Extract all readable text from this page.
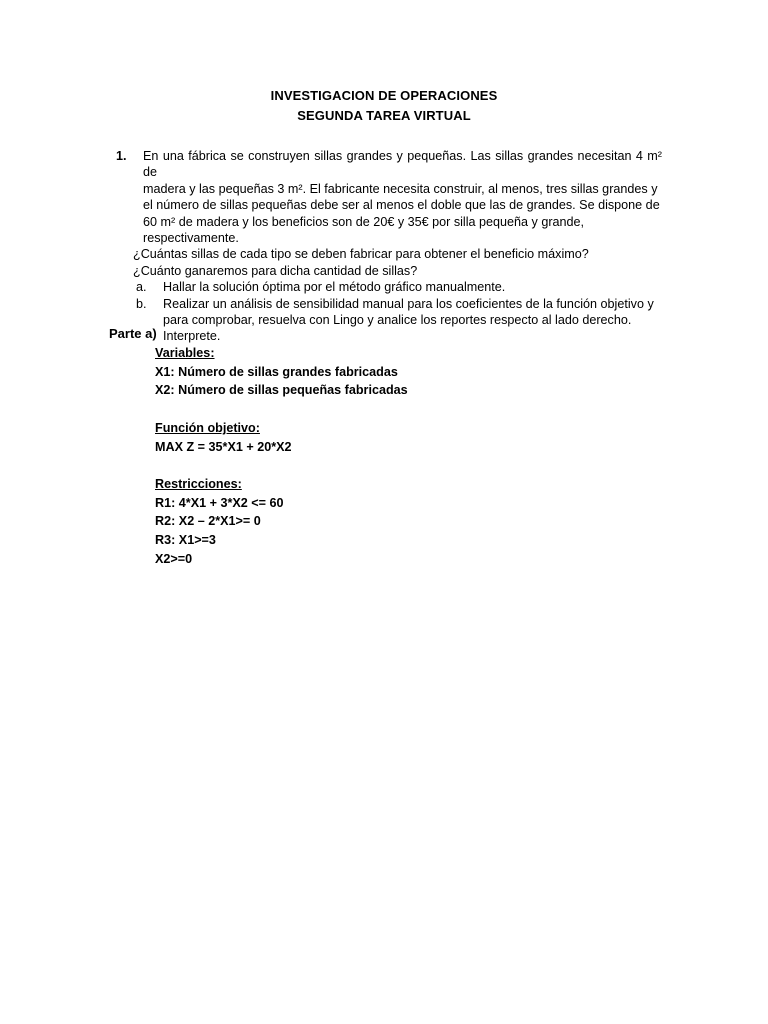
INVESTIGACION DE OPERACIONES
SEGUNDA TAREA VIRTUAL
1. En una fábrica se construyen sillas grandes y pequeñas. Las sillas grandes necesitan 4 m² de
madera y las pequeñas 3 m². El fabricante necesita construir, al menos, tres sillas grandes y
el número de sillas pequeñas debe ser al menos el doble que las de grandes. Se dispone de
60 m² de madera y los beneficios son de 20€ y 35€ por silla pequeña y grande,
respectivamente.
¿Cuántas sillas de cada tipo se deben fabricar para obtener el beneficio máximo?
¿Cuánto ganaremos para dicha cantidad de sillas?
a.	Hallar la solución óptima por el método gráfico manualmente.
b.	Realizar un análisis de sensibilidad manual para los coeficientes de la función objetivo y
para comprobar, resuelva con Lingo y analice los reportes respecto al lado derecho.
Interprete.
Parte a)
Variables:
X1: Número de sillas grandes fabricadas
X2: Número de sillas pequeñas fabricadas
Función objetivo:
MAX Z = 35*X1 + 20*X2
Restricciones:
R1: 4*X1 + 3*X2 <= 60
R2: X2 – 2*X1>= 0
R3: X1>=3
X2>=0
